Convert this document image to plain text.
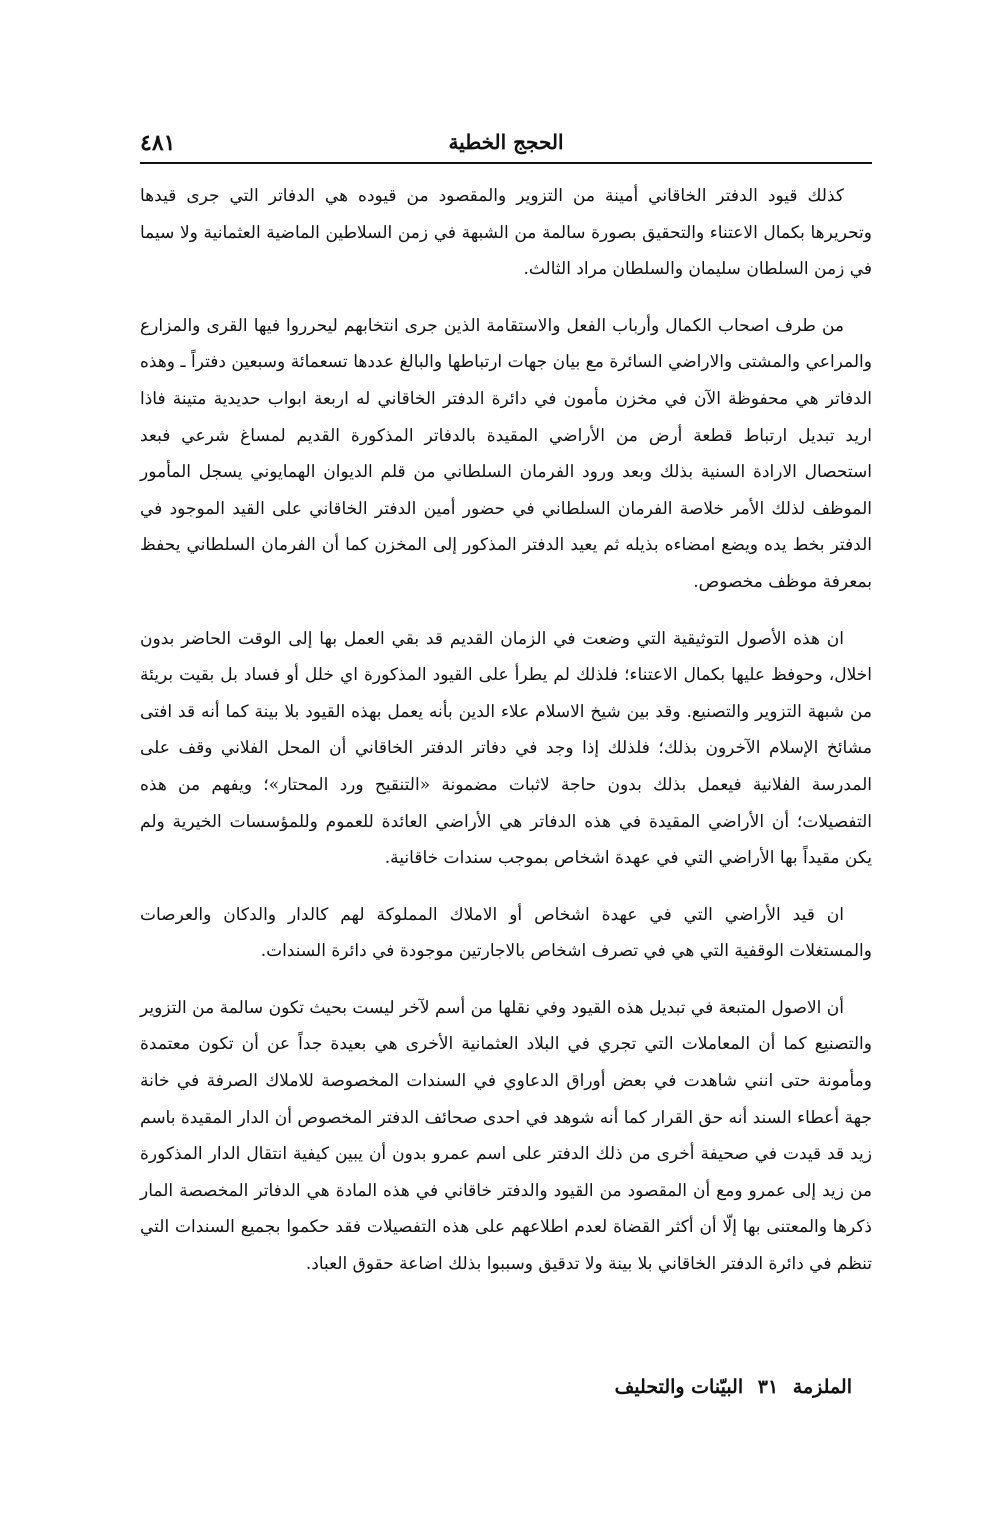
٤٨١	الحجج الخطية

كذلك قيود الدفتر الخاقاني أمينة من التزوير والمقصود من قيوده هي الدفاتر التي جرى قيدها وتحريرها بكمال الاعتناء والتحقيق بصورة سالمة من الشبهة في زمن السلاطين الماضية العثمانية ولا سيما في زمن السلطان سليمان والسلطان مراد الثالث.

من طرف اصحاب الكمال وأرباب الفعل والاستقامة الذين جرى انتخابهم ليحرروا فيها القرى والمزارع والمراعي والمشتى والاراضي السائرة مع بيان جهات ارتباطها والبالغ عددها تسعمائة وسبعين دفتراً ـ وهذه الدفاتر هي محفوظة الآن في مخزن مأمون في دائرة الدفتر الخاقاني له اربعة ابواب حديدية متينة فاذا اريد تبديل ارتباط قطعة أرض من الأراضي المقيدة بالدفاتر المذكورة القديم لمساغ شرعي فبعد استحصال الارادة السنية بذلك وبعد ورود الفرمان السلطاني من قلم الديوان الهمايوني يسجل المأمور الموظف لذلك الأمر خلاصة الفرمان السلطاني في حضور أمين الدفتر الخاقاني على القيد الموجود في الدفتر بخط يده ويضع امضاءه بذيله ثم يعيد الدفتر المذكور إلى المخزن كما أن الفرمان السلطاني يحفظ بمعرفة موظف مخصوص.

ان هذه الأصول التوثيقية التي وضعت في الزمان القديم قد بقي العمل بها إلى الوقت الحاضر بدون اخلال، وحوفظ عليها بكمال الاعتناء؛ فلذلك لم يطرأ على القيود المذكورة اي خلل أو فساد بل بقيت بريئة من شبهة التزوير والتصنيع. وقد بين شيخ الاسلام علاء الدين بأنه يعمل بهذه القيود بلا بينة كما أنه قد افتى مشائخ الإسلام الآخرون بذلك؛ فلذلك إذا وجد في دفاتر الدفتر الخاقاني أن المحل الفلاني وقف على المدرسة الفلانية فيعمل بذلك بدون حاجة لاثبات مضمونة «التنقيح ورد المحتار»؛ ويفهم من هذه التفصيلات؛ أن الأراضي المقيدة في هذه الدفاتر هي الأراضي العائدة للعموم وللمؤسسات الخيرية ولم يكن مقيداً بها الأراضي التي في عهدة اشخاص بموجب سندات خاقانية.

ان قيد الأراضي التي في عهدة اشخاص أو الاملاك المملوكة لهم كالدار والدكان والعرصات والمستغلات الوقفية التي هي في تصرف اشخاص بالاجارتين موجودة في دائرة السندات.

أن الاصول المتبعة في تبديل هذه القيود وفي نقلها من أسم لآخر ليست بحيث تكون سالمة من التزوير والتصنيع كما أن المعاملات التي تجري في البلاد العثمانية الأخرى هي بعيدة جداً عن أن تكون معتمدة ومأمونة حتى انني شاهدت في بعض أوراق الدعاوي في السندات المخصوصة للاملاك الصرفة في خانة جهة أعطاء السند أنه حق القرار كما أنه شوهد في احدى صحائف الدفتر المخصوص أن الدار المقيدة باسم زيد قد قيدت في صحيفة أخرى من ذلك الدفتر على اسم عمرو بدون أن يبين كيفية انتقال الدار المذكورة من زيد إلى عمرو ومع أن المقصود من القيود والدفتر خاقاني في هذه المادة هي الدفاتر المخصصة المار ذكرها والمعتنى بها إلّا أن أكثر القضاة لعدم اطلاعهم على هذه التفصيلات فقد حكموا بجميع السندات التي تنظم في دائرة الدفتر الخاقاني بلا بينة ولا تدقيق وسببوا بذلك اضاعة حقوق العباد.

الملزمة ٣١ البيّنات والتحليف
